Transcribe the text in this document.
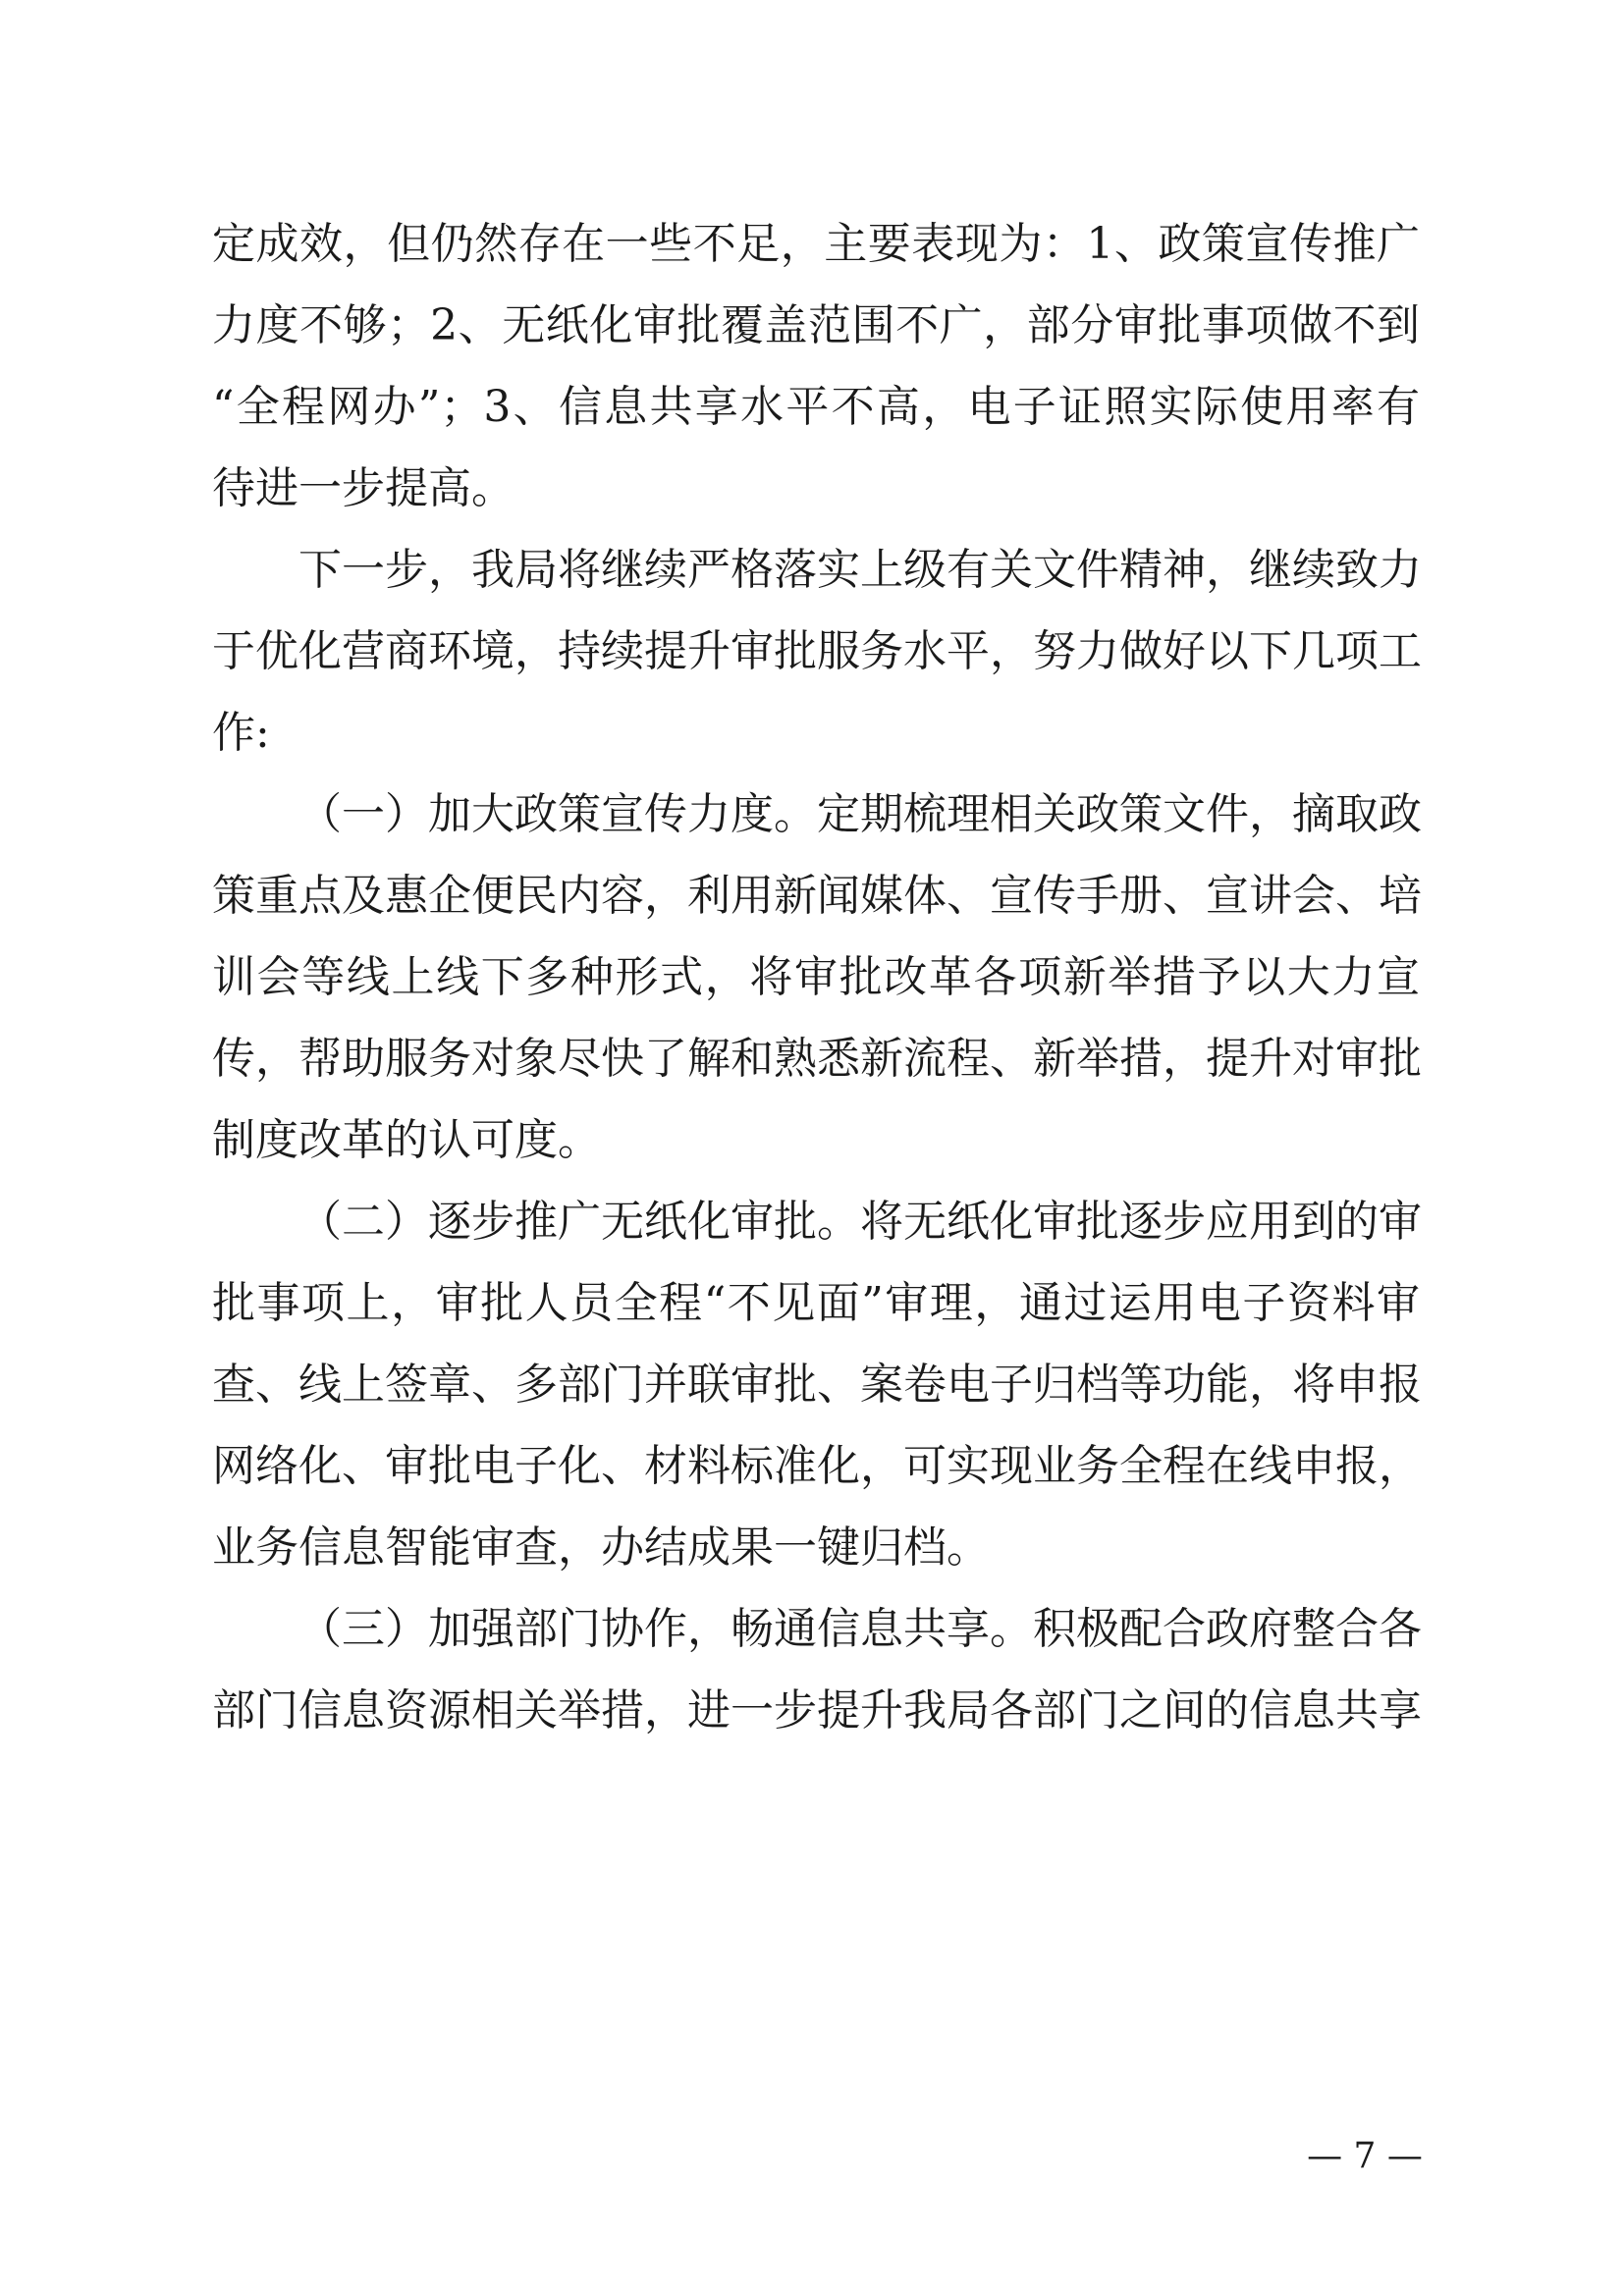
定成效，但仍然存在一些不足，主要表现为：1、政策宣传推广
力度不够；2、无纸化审批覆盖范围不广，部分审批事项做不到
“全程网办”；3、信息共享水平不高，电子证照实际使用率有
待进一步提高。
下一步，我局将继续严格落实上级有关文件精神，继续致力
于优化营商环境，持续提升审批服务水平，努力做好以下几项工
作:
（一）加大政策宣传力度。定期梳理相关政策文件，摘取政
策重点及惠企便民内容，利用新闻媒体、宣传手册、宣讲会、培
训会等线上线下多种形式，将审批改革各项新举措予以大力宣
传，帮助服务对象尽快了解和熟悉新流程、新举措，提升对审批
制度改革的认可度。
（二）逐步推广无纸化审批。将无纸化审批逐步应用到的审
批事项上，审批人员全程“不见面”审理，通过运用电子资料审
查、线上签章、多部门并联审批、案卷电子归档等功能，将申报
网络化、审批电子化、材料标准化，可实现业务全程在线申报，
业务信息智能审查，办结成果一键归档。
（三）加强部门协作，畅通信息共享。积极配合政府整合各
部门信息资源相关举措，进一步提升我局各部门之间的信息共享
— 7 —
